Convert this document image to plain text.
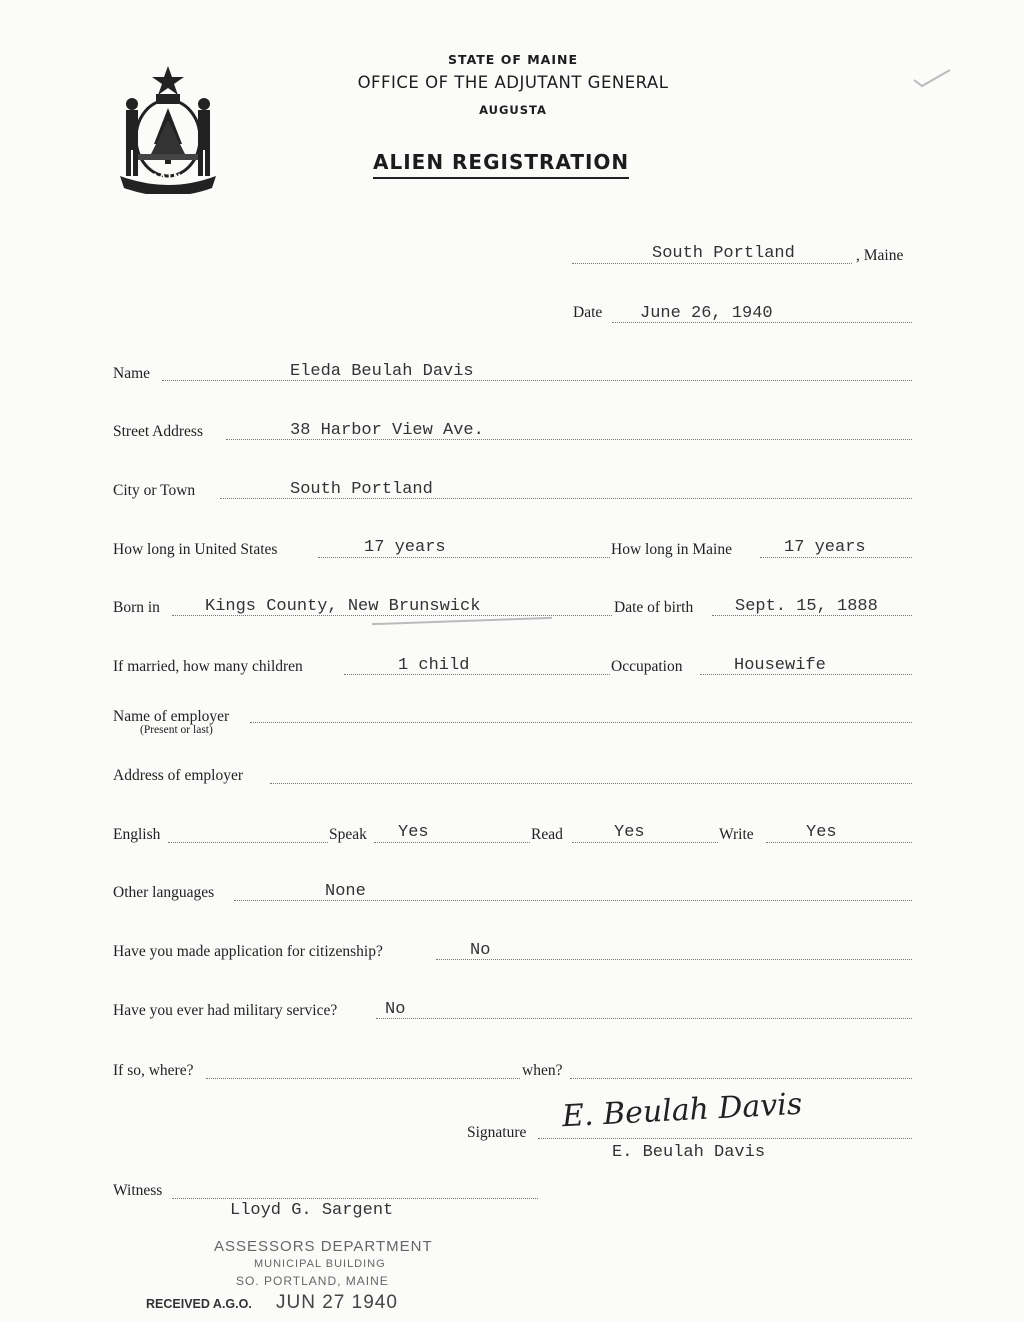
MAINE
STATE OF MAINE
OFFICE OF THE ADJUTANT GENERAL
AUGUSTA
ALIEN REGISTRATION
South Portland	, Maine
Date June 26, 1940
Name	Eleda Beulah Davis
Street Address	38 Harbor View Ave.
City or Town	South Portland
How long in United States	17 years	How long in Maine	17 years
Born in	Kings County, New Brunswick	Date of birth Sept. 15, 1888
If married, how many children	1 child	Occupation	Housewife
Name of employer
(Present or last)
Address of employer
English	Speak Yes	Read	Yes	Write	Yes
Other languages	None
Have you made application for citizenship?	No
Have you ever had military service?	No
If so, where?	when?
Signature E. Beulah Davis
E. Beulah Davis
Witness
Lloyd G. Sargent
ASSESSORS DEPARTMENT
MUNICIPAL BUILDING
SO. PORTLAND, MAINE
RECEIVED A.G.O. JUN 27 1940
